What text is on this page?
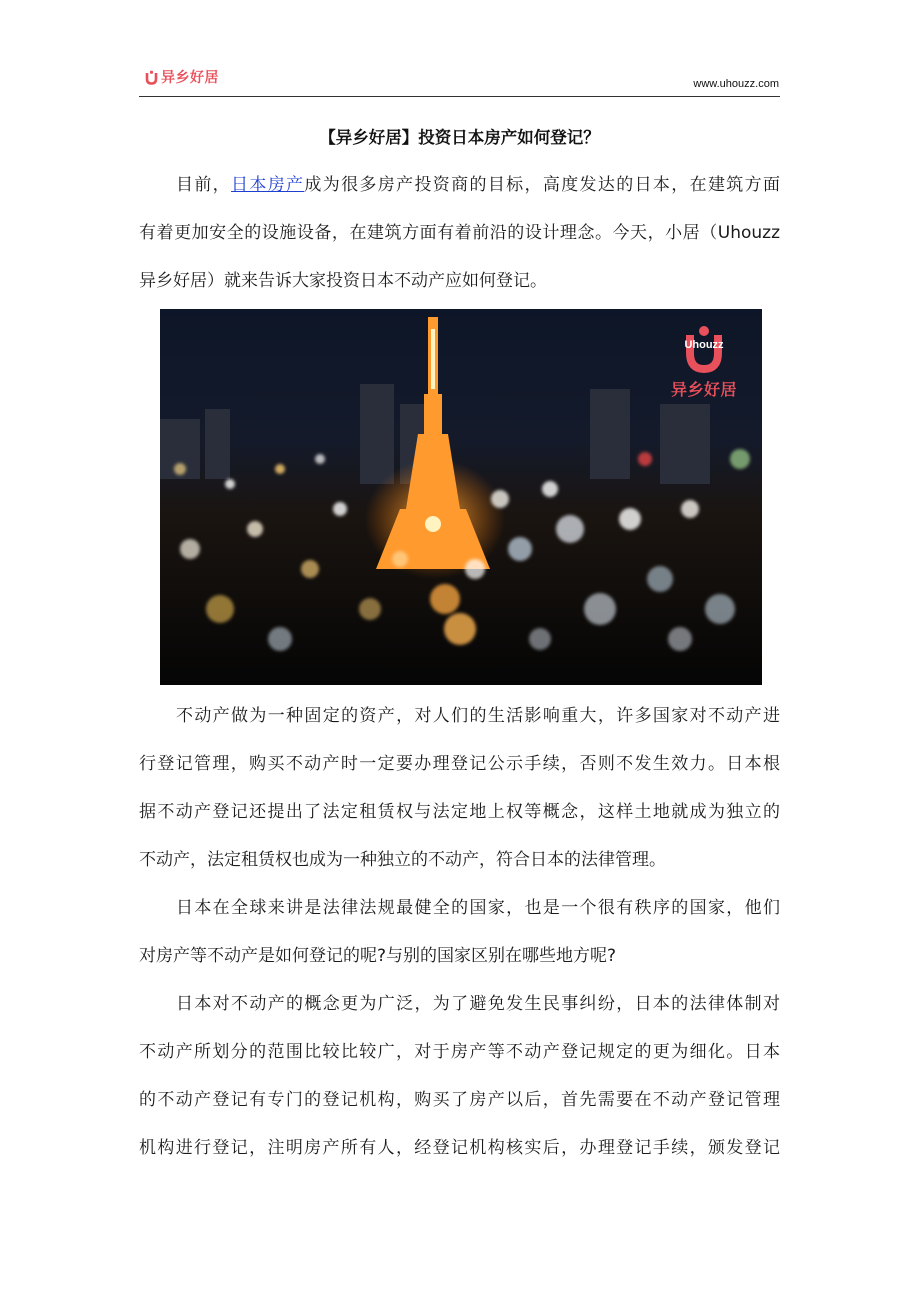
异乡好居	www.uhouzz.com
【异乡好居】投资日本房产如何登记？
目前，日本房产成为很多房产投资商的目标，高度发达的日本，在建筑方面
有着更加安全的设施设备，在建筑方面有着前沿的设计理念。今天，小居（Uhouzz
异乡好居）就来告诉大家投资日本不动产应如何登记。
Uhouzz
异乡好居
不动产做为一种固定的资产，对人们的生活影响重大，许多国家对不动产进
行登记管理，购买不动产时一定要办理登记公示手续，否则不发生效力。日本根
据不动产登记还提出了法定租赁权与法定地上权等概念，这样土地就成为独立的
不动产，法定租赁权也成为一种独立的不动产，符合日本的法律管理。
日本在全球来讲是法律法规最健全的国家，也是一个很有秩序的国家，他们
对房产等不动产是如何登记的呢?与别的国家区别在哪些地方呢?
日本对不动产的概念更为广泛，为了避免发生民事纠纷，日本的法律体制对
不动产所划分的范围比较比较广，对于房产等不动产登记规定的更为细化。日本
的不动产登记有专门的登记机构，购买了房产以后，首先需要在不动产登记管理
机构进行登记，注明房产所有人，经登记机构核实后，办理登记手续，颁发登记
